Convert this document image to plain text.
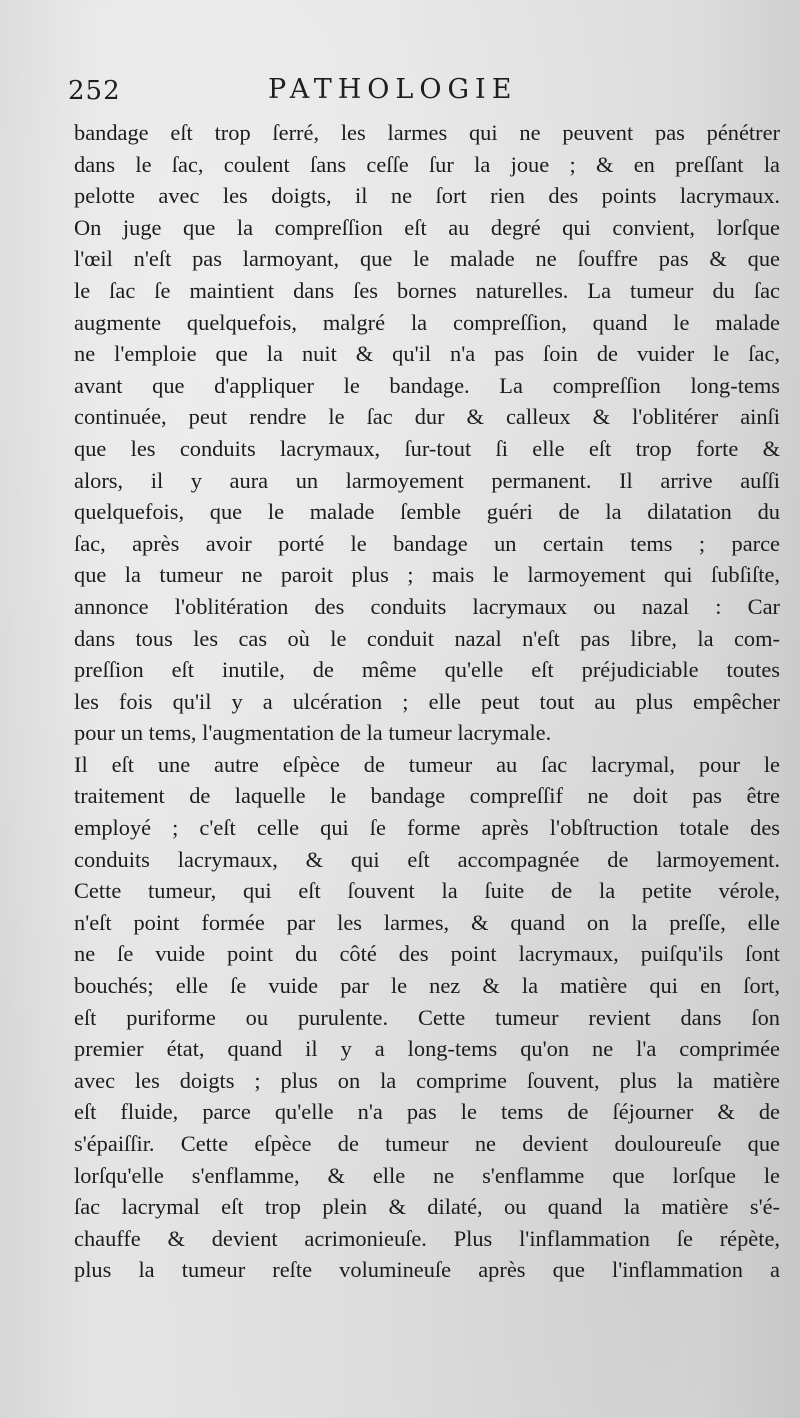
252	PATHOLOGIE
bandage eſt trop ſerré, les larmes qui ne peuvent pas pénétrer
dans le ſac, coulent ſans ceſſe ſur la joue ; & en preſſant la
pelotte avec les doigts, il ne ſort rien des points lacrymaux.
On juge que la compreſſion eſt au degré qui convient, lorſque
l'œil n'eſt pas larmoyant, que le malade ne ſouffre pas & que
le ſac ſe maintient dans ſes bornes naturelles. La tumeur du ſac
augmente quelquefois, malgré la compreſſion, quand le malade
ne l'emploie que la nuit & qu'il n'a pas ſoin de vuider le ſac,
avant que d'appliquer le bandage. La compreſſion long-tems
continuée, peut rendre le ſac dur & calleux & l'oblitérer ainſi
que les conduits lacrymaux, ſur-tout ſi elle eſt trop forte &
alors, il y aura un larmoyement permanent. Il arrive auſſi
quelquefois, que le malade ſemble guéri de la dilatation du
ſac, après avoir porté le bandage un certain tems ; parce
que la tumeur ne paroit plus ; mais le larmoyement qui ſubſiſte,
annonce l'oblitération des conduits lacrymaux ou nazal : Car
dans tous les cas où le conduit nazal n'eſt pas libre, la com-
preſſion eſt inutile, de même qu'elle eſt préjudiciable toutes
les fois qu'il y a ulcération ; elle peut tout au plus empêcher
pour un tems, l'augmentation de la tumeur lacrymale.
Il eſt une autre eſpèce de tumeur au ſac lacrymal, pour le
traitement de laquelle le bandage compreſſif ne doit pas être
employé ; c'eſt celle qui ſe forme après l'obſtruction totale des
conduits lacrymaux, & qui eſt accompagnée de larmoyement.
Cette tumeur, qui eſt ſouvent la ſuite de la petite vérole,
n'eſt point formée par les larmes, & quand on la preſſe, elle
ne ſe vuide point du côté des point lacrymaux, puiſqu'ils ſont
bouchés; elle ſe vuide par le nez & la matière qui en ſort,
eſt puriforme ou purulente. Cette tumeur revient dans ſon
premier état, quand il y a long-tems qu'on ne l'a comprimée
avec les doigts ; plus on la comprime ſouvent, plus la matière
eſt fluide, parce qu'elle n'a pas le tems de ſéjourner & de
s'épaiſſir. Cette eſpèce de tumeur ne devient douloureuſe que
lorſqu'elle s'enflamme, & elle ne s'enflamme que lorſque le
ſac lacrymal eſt trop plein & dilaté, ou quand la matière s'é-
chauffe & devient acrimonieuſe. Plus l'inflammation ſe répète,
plus la tumeur reſte volumineuſe après que l'inflammation a
